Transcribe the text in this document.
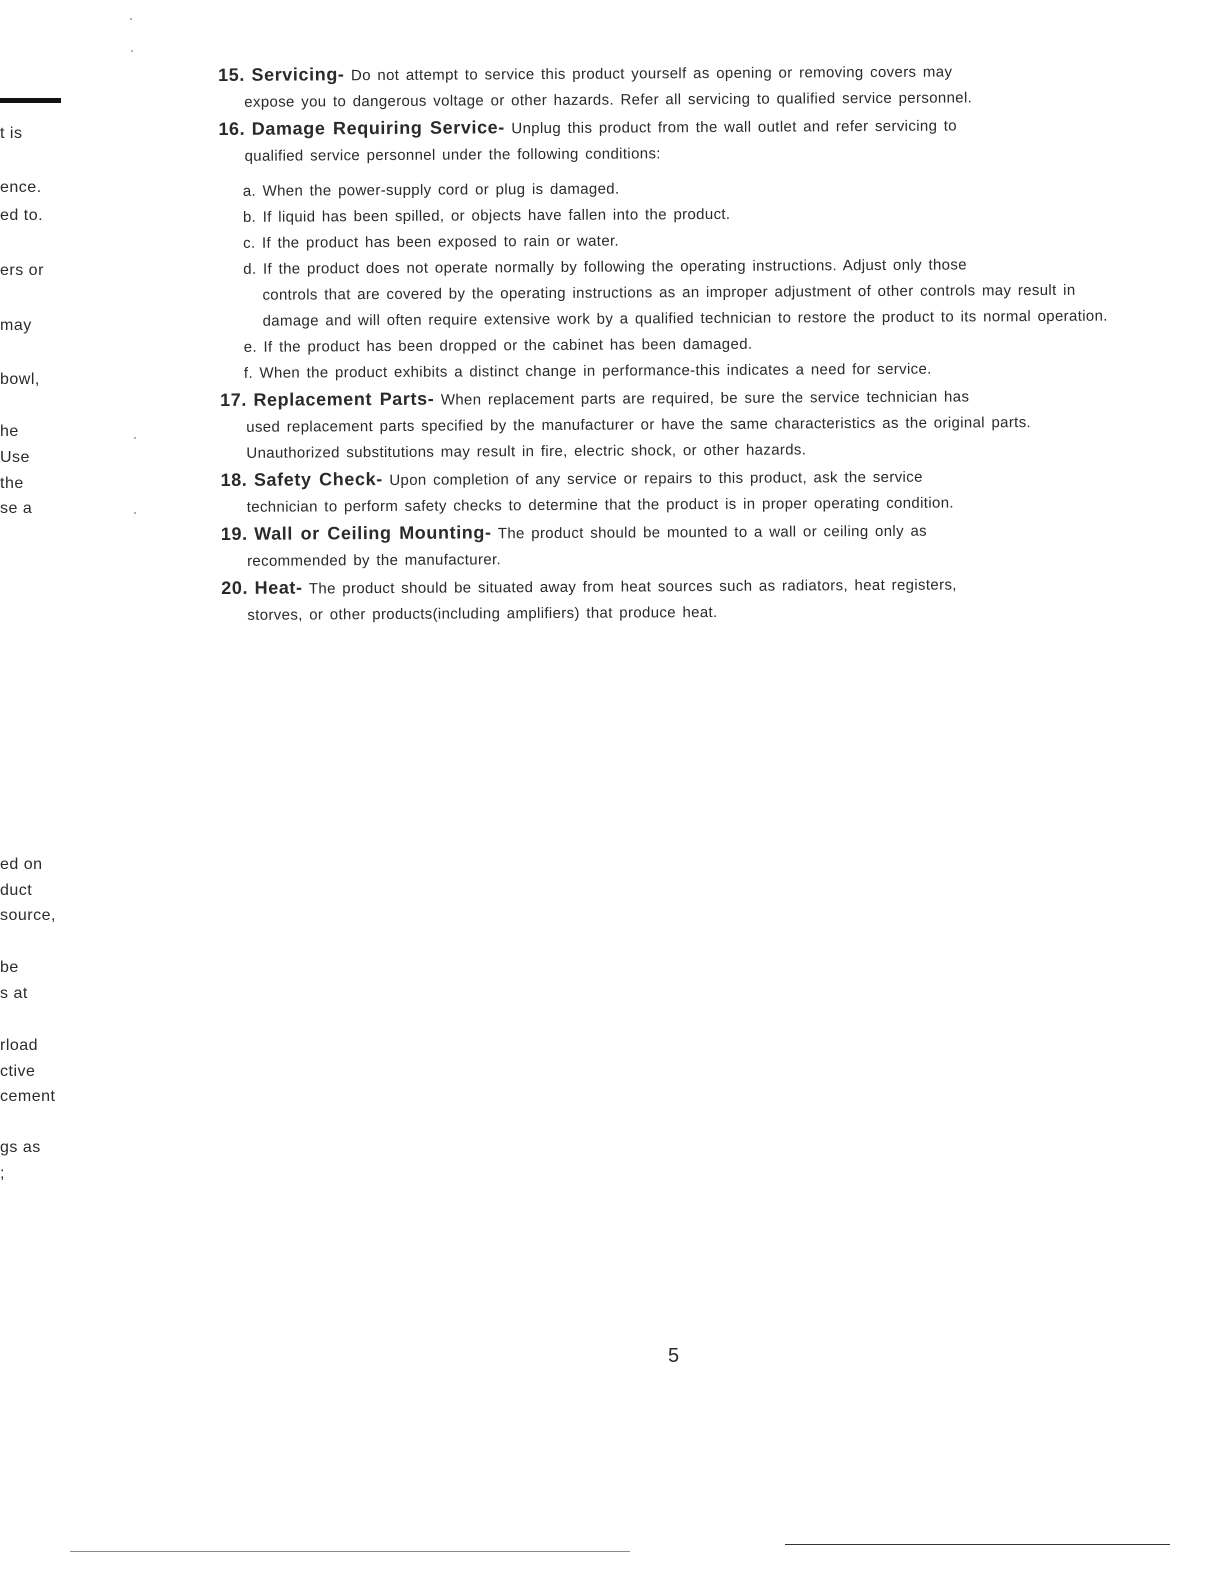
t is
ence.
ed to.
ers or
may
bowl,
he
Use
the
se a
ed on
duct
source,
be
s at
rload
ctive
cement
gs as
;
15. Servicing- Do not attempt to service this product yourself as opening or removing covers may
expose you to dangerous voltage or other hazards. Refer all servicing to qualified service personnel.
16. Damage Requiring Service- Unplug this product from the wall outlet and refer servicing to
qualified service personnel under the following conditions:
a. When the power-supply cord or plug is damaged.
b. If liquid has been spilled, or objects have fallen into the product.
c. If the product has been exposed to rain or water.
d. If the product does not operate normally by following the operating instructions. Adjust only those
controls that are covered by the operating instructions as an improper adjustment of other controls may result in damage and will often require extensive work by a qualified technician to restore the product to its normal operation.
e. If the product has been dropped or the cabinet has been damaged.
f. When the product exhibits a distinct change in performance-this indicates a need for service.
17. Replacement Parts- When replacement parts are required, be sure the service technician has
used replacement parts specified by the manufacturer or have the same characteristics as the original parts. Unauthorized substitutions may result in fire, electric shock, or other hazards.
18. Safety Check- Upon completion of any service or repairs to this product, ask the service
technician to perform safety checks to determine that the product is in proper operating condition.
19. Wall or Ceiling Mounting- The product should be mounted to a wall or ceiling only as
recommended by the manufacturer.
20. Heat- The product should be situated away from heat sources such as radiators, heat registers,
storves, or other products(including amplifiers) that produce heat.
5
